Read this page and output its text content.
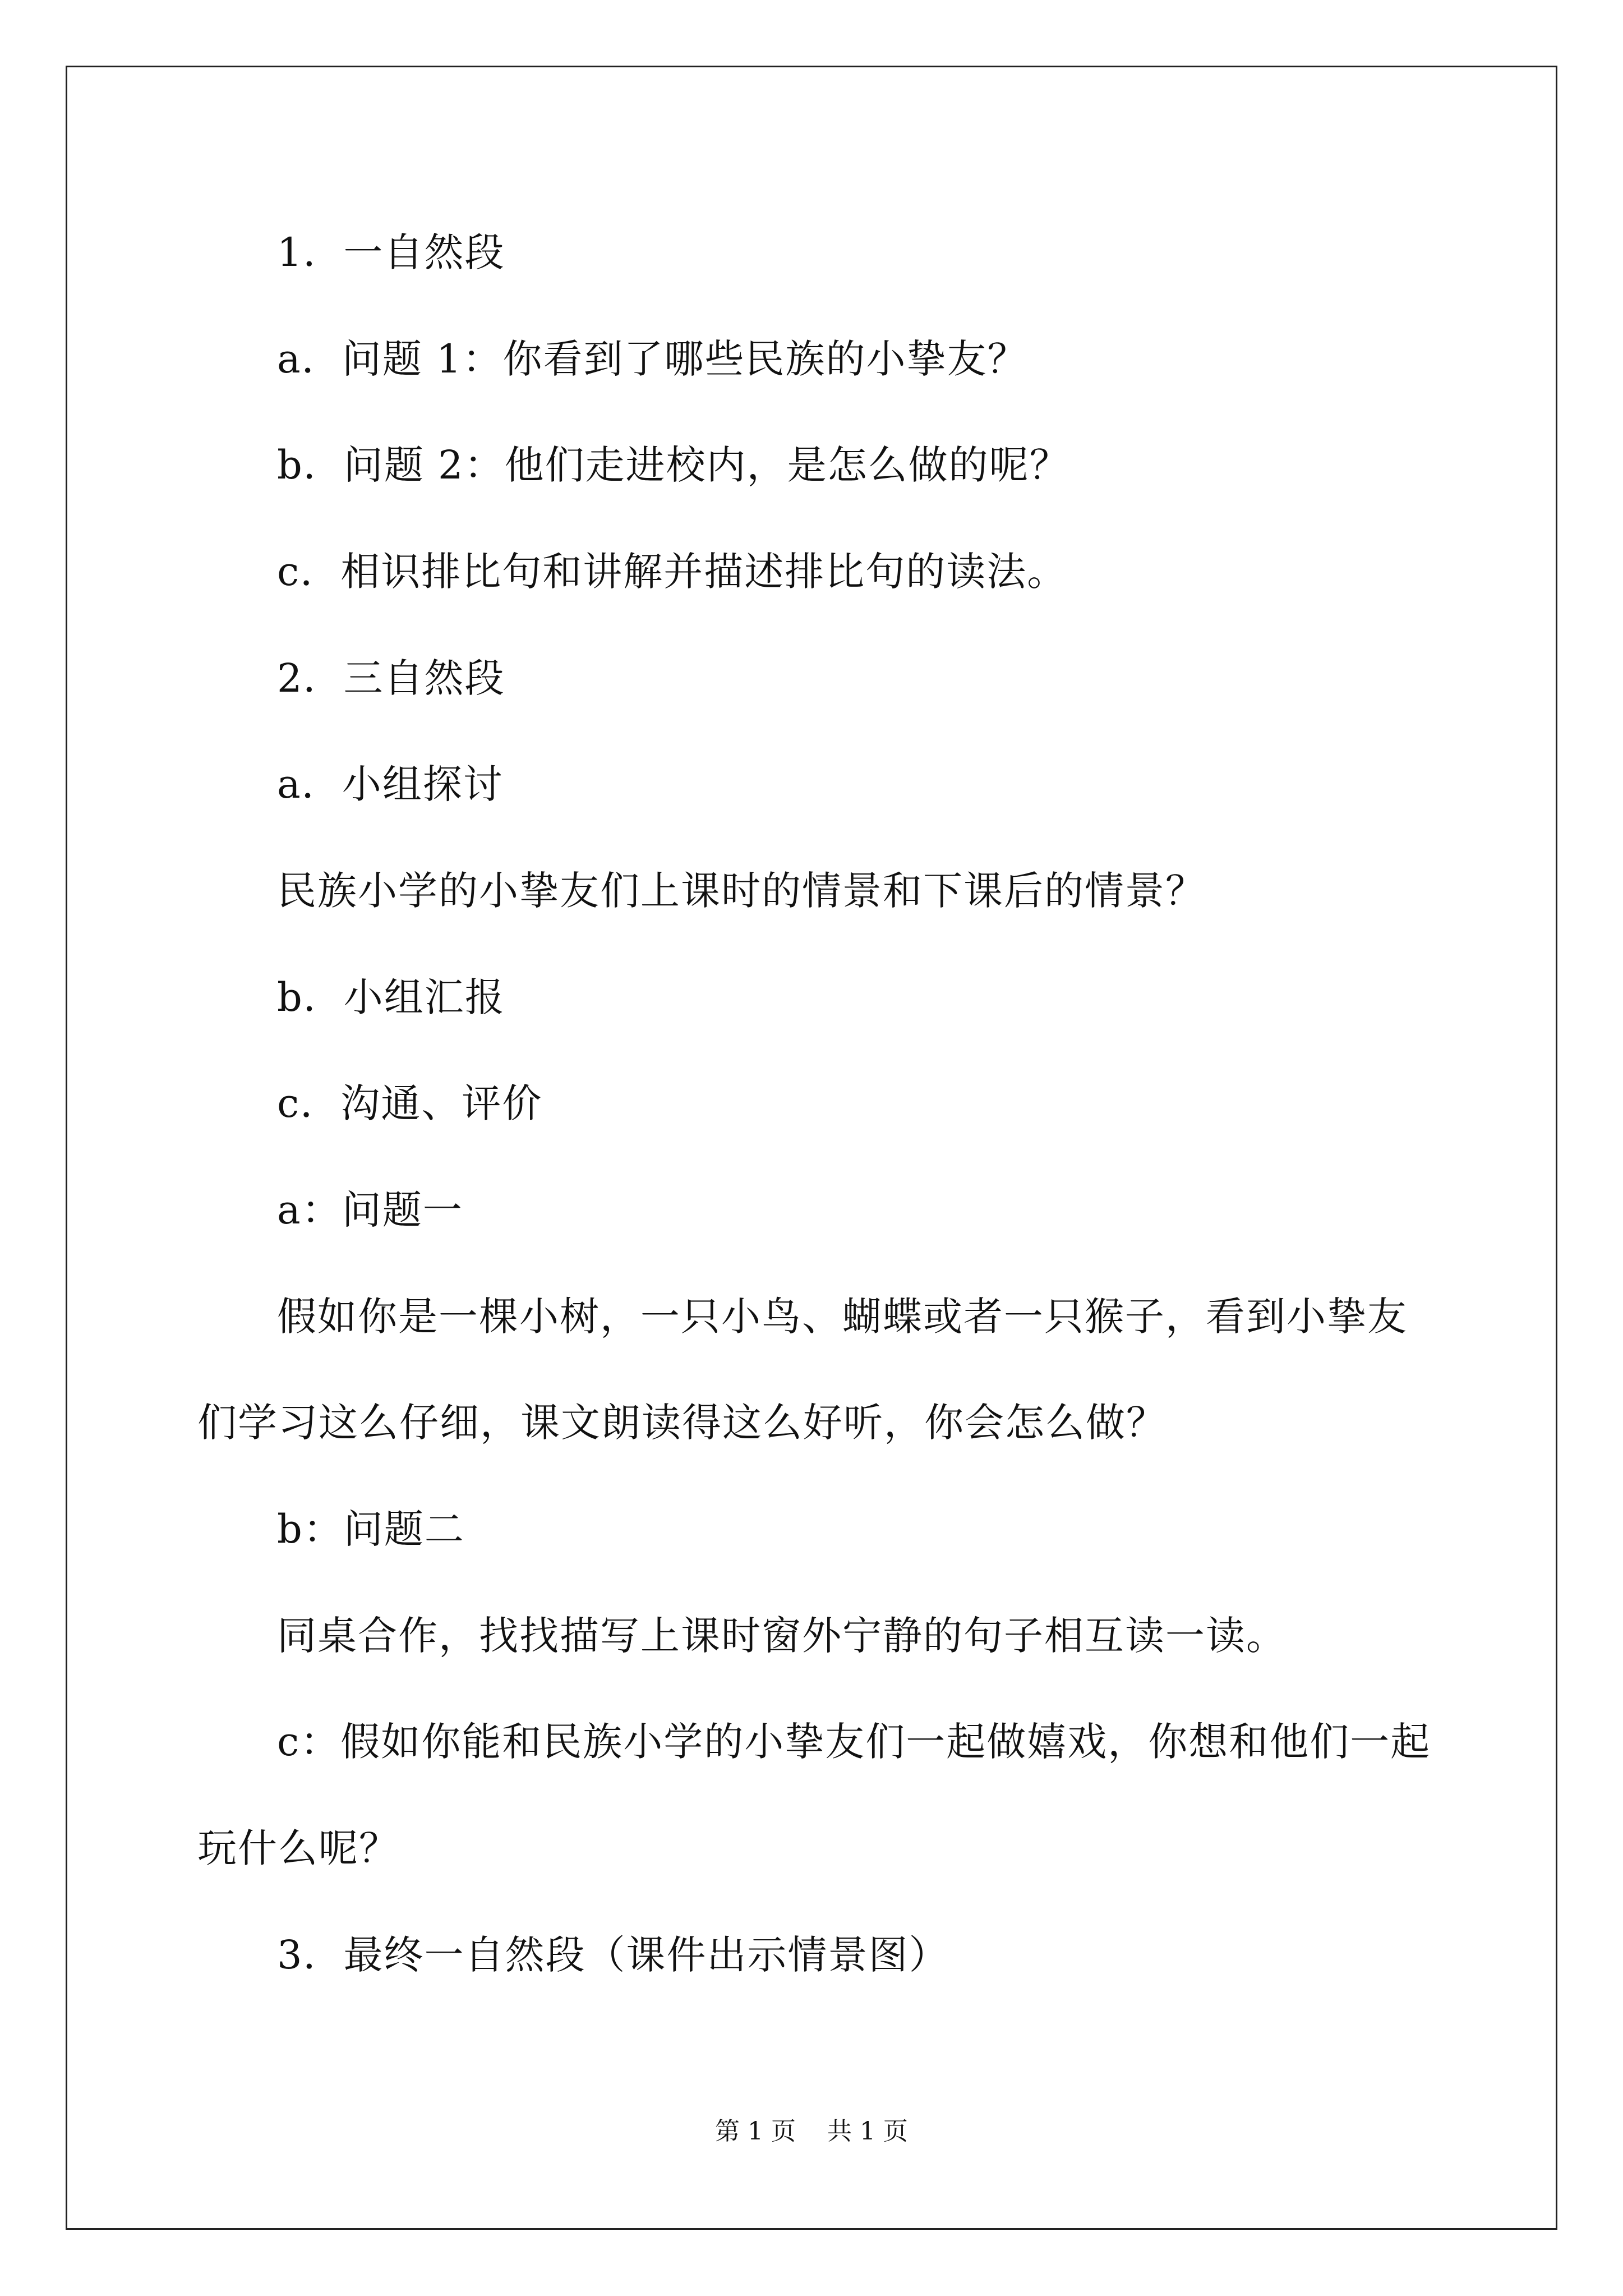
1．一自然段
a．问题 1：你看到了哪些民族的小挚友？
b．问题 2：他们走进校内，是怎么做的呢？
c．相识排比句和讲解并描述排比句的读法。
2．三自然段
a．小组探讨
民族小学的小挚友们上课时的情景和下课后的情景？
b．小组汇报
c．沟通、评价
a：问题一
假如你是一棵小树，一只小鸟、蝴蝶或者一只猴子，看到小挚友
们学习这么仔细，课文朗读得这么好听，你会怎么做？
b：问题二
同桌合作，找找描写上课时窗外宁静的句子相互读一读。
c：假如你能和民族小学的小挚友们一起做嬉戏，你想和他们一起
玩什么呢？
3．最终一自然段（课件出示情景图）
第 1 页    共 1 页
